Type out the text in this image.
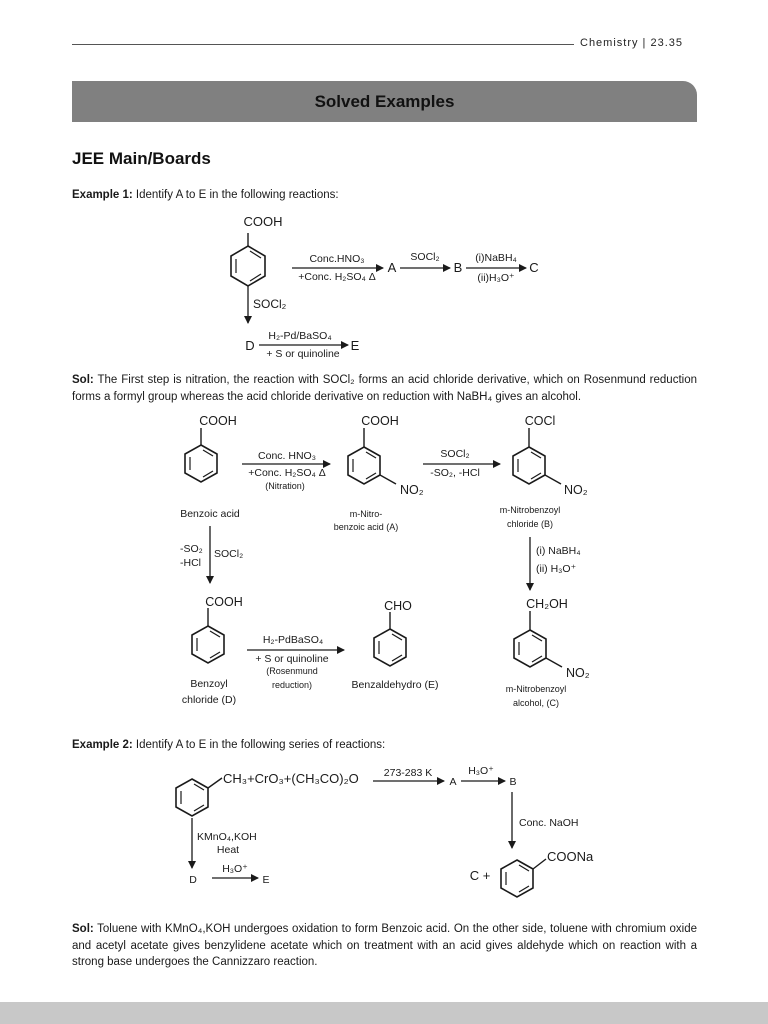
Chemistry | 23.35
Solved Examples
JEE Main/Boards
Example 1: Identify A to E in the following reactions:
Sol: The First step is nitration, the reaction with SOCl₂ forms an acid chloride derivative, which on Rosenmund reduction forms a formyl group whereas the acid chloride derivative on reduction with NaBH₄ gives an alcohol.
Example 2: Identify A to E in the following series of reactions:
Sol: Toluene with KMnO₄,KOH undergoes oxidation to form Benzoic acid. On the other side, toluene with chromium oxide and acetyl acetate gives benzylidene acetate which on treatment with an acid gives aldehyde which on reaction with a strong base undergoes the Cannizzaro reaction.
COOH
Conc.HNO₃
+Conc. H₂SO₄ Δ
A
SOCl₂
B
(i)NaBH₄
(ii)H₃O⁺
C
SOCl₂
D
H₂-Pd/BaSO₄
+ S or quinoline
E
COOH
Benzoic acid
Conc. HNO₃
+Conc. H₂SO₄ Δ
(Nitration)
COOH
NO₂
m-Nitro-
benzoic acid (A)
SOCl₂
-SO₂, -HCl
COCl
NO₂
m-Nitrobenzoyl
chloride (B)
-SO₂
-HCl
SOCl₂	(i) NaBH₄
(ii) H₃O⁺
COOH
Benzoyl
chloride (D)
H₂-PdBaSO₄
+ S or quinoline
(Rosenmund
reduction)
CHO
Benzaldehydro (E)
CH₂OH
NO₂
m-Nitrobenzoyl
alcohol, (C)
CH₃+CrO₃+(CH₃CO)₂O 273-283 K
A
H₃O⁺
B
KMnO₄,KOH
Heat
D
H₃O⁺
E
Conc. NaOH
C +
COONa
